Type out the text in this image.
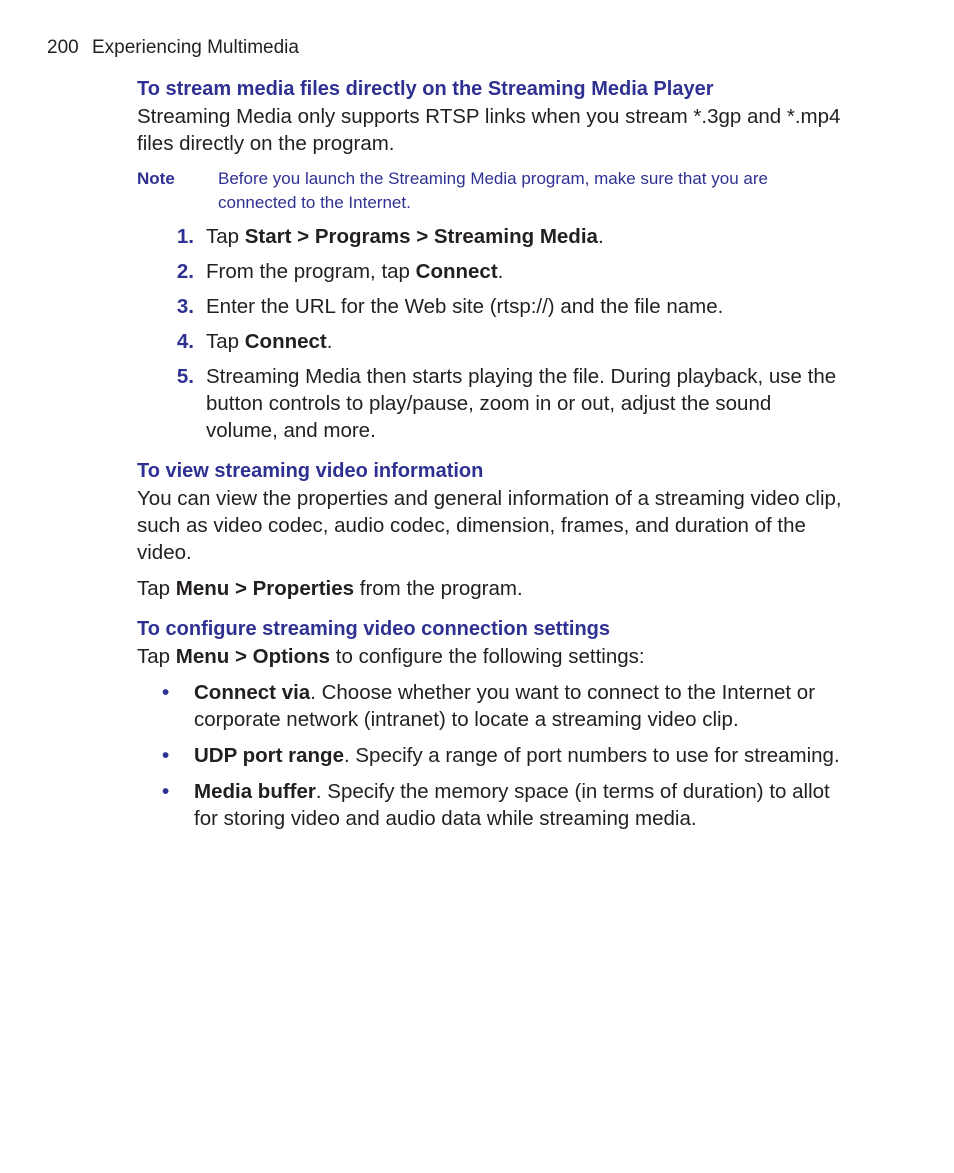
200 Experiencing Multimedia
To stream media files directly on the Streaming Media Player

Streaming Media only supports RTSP links when you stream *.3gp and *.mp4 files directly on the program.

Note	Before you launch the Streaming Media program, make sure that you are connected to the Internet.
1. Tap Start > Programs > Streaming Media.
2. From the program, tap Connect.
3. Enter the URL for the Web site (rtsp://) and the file name.
4. Tap Connect.
5. Streaming Media then starts playing the file. During playback, use the button controls to play/pause, zoom in or out, adjust the sound volume, and more.
To view streaming video information

You can view the properties and general information of a streaming video clip, such as video codec, audio codec, dimension, frames, and duration of the video.

Tap Menu > Properties from the program.

To configure streaming video connection settings

Tap Menu > Options to configure the following settings:

•	Connect via. Choose whether you want to connect to the Internet or corporate network (intranet) to locate a streaming video clip.
•	UDP port range. Specify a range of port numbers to use for streaming.
•	Media buffer. Specify the memory space (in terms of duration) to allot for storing video and audio data while streaming media.
